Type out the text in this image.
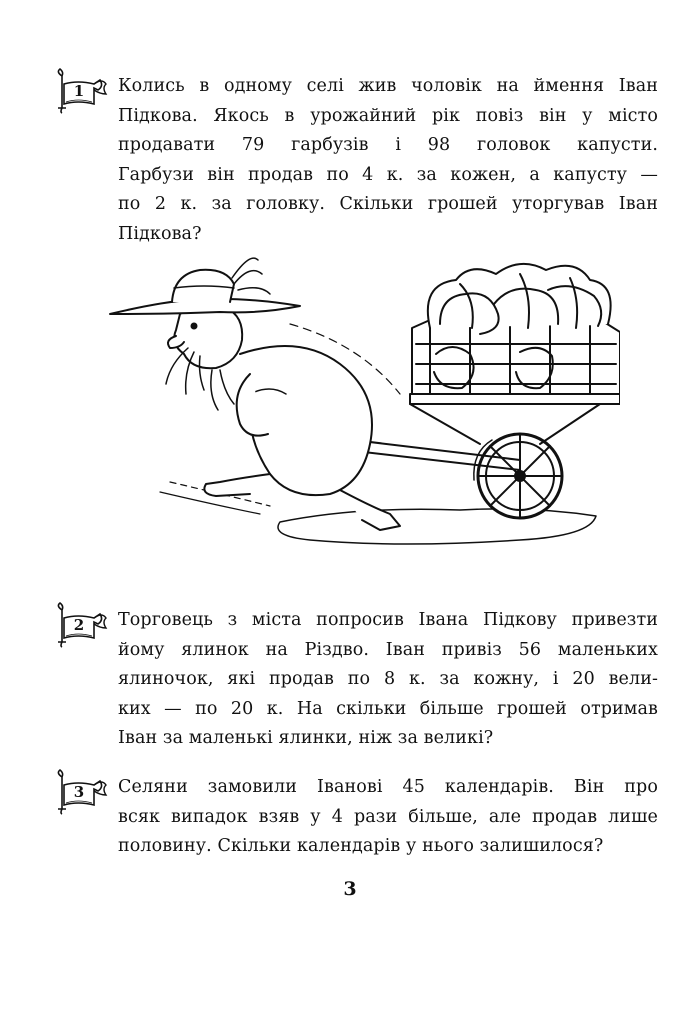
1 Колись в одному селі жив чоловік на ймення Іван
Підкова. Якось в урожайний рік повіз він у місто
продавати 79 гарбузів і 98 головок капусти.
Гарбузи він продав по 4 к. за кожен, а капусту —
по 2 к. за головку. Скільки грошей уторгував Іван
Підкова?
2 Торговець з міста попросив Івана Підкову привезти
йому ялинок на Різдво. Іван привіз 56 маленьких
ялиночок, які продав по 8 к. за кожну, і 20 вели-
ких — по 20 к. На скільки більше грошей отримав
Іван за маленькі ялинки, ніж за великі?
3 Селяни замовили Іванові 45 календарів. Він про
всяк випадок взяв у 4 рази більше, але продав лише
половину. Скільки календарів у нього залишилося?
3
